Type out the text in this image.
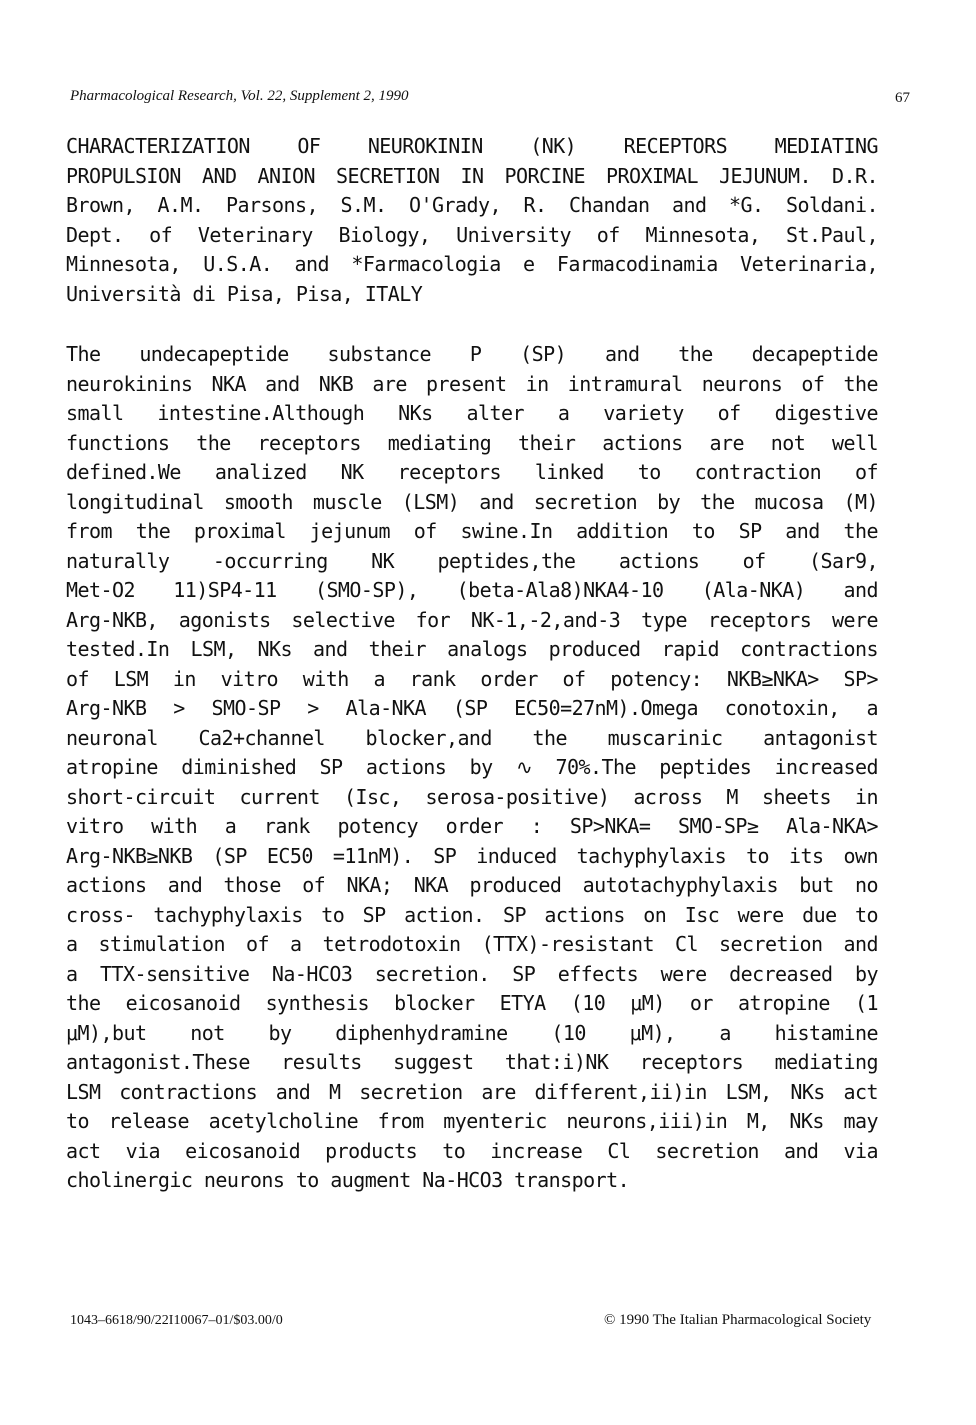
Pharmacological Research, Vol. 22, Supplement 2, 1990	67
CHARACTERIZATION OF NEUROKININ (NK) RECEPTORS MEDIATING
PROPULSION AND ANION SECRETION IN PORCINE PROXIMAL JEJUNUM. D.R.
Brown, A.M. Parsons, S.M. O'Grady, R. Chandan and *G. Soldani.
Dept. of Veterinary Biology, University of Minnesota, St.Paul,
Minnesota, U.S.A. and *Farmacologia e Farmacodinamia Veterinaria,
Università di Pisa, Pisa, ITALY
The undecapeptide substance P (SP) and the decapeptide
neurokinins NKA and NKB are present in intramural neurons of the
small intestine.Although NKs alter a variety of digestive
functions the receptors mediating their actions are not well
defined.We analized NK receptors linked to contraction of
longitudinal smooth muscle (LSM) and secretion by the mucosa (M)
from the proximal jejunum of swine.In addition to SP and the
naturally -occurring NK peptides,the actions of (Sar9,
Met-O2 11)SP4-11 (SMO-SP), (beta-Ala8)NKA4-10 (Ala-NKA) and
Arg-NKB, agonists selective for NK-1,-2,and-3 type receptors were
tested.In LSM, NKs and their analogs produced rapid contractions
of LSM in vitro with a rank order of potency: NKB≥NKA> SP>
Arg-NKB > SMO-SP > Ala-NKA (SP EC50=27nM).Omega conotoxin, a
neuronal Ca2+channel blocker,and the muscarinic antagonist
atropine diminished SP actions by ∿ 70%.The peptides increased
short-circuit current (Isc, serosa-positive) across M sheets in
vitro with a rank potency order : SP>NKA= SMO-SP≥ Ala-NKA>
Arg-NKB≥NKB (SP EC50 =11nM). SP induced tachyphylaxis to its own
actions and those of NKA; NKA produced autotachyphylaxis but no
cross- tachyphylaxis to SP action. SP actions on Isc were due to
a stimulation of a tetrodotoxin (TTX)-resistant Cl secretion and
a TTX-sensitive Na-HCO3 secretion. SP effects were decreased by
the eicosanoid synthesis blocker ETYA (10 μM) or atropine (1
μM),but not by diphenhydramine (10 μM), a histamine
antagonist.These results suggest that:i)NK receptors mediating
LSM contractions and M secretion are different,ii)in LSM, NKs act
to release acetylcholine from myenteric neurons,iii)in M, NKs may
act via eicosanoid products to increase Cl secretion and via
cholinergic neurons to augment Na-HCO3 transport.
1043–6618/90/22I10067–01/$03.00/0	© 1990 The Italian Pharmacological Society
